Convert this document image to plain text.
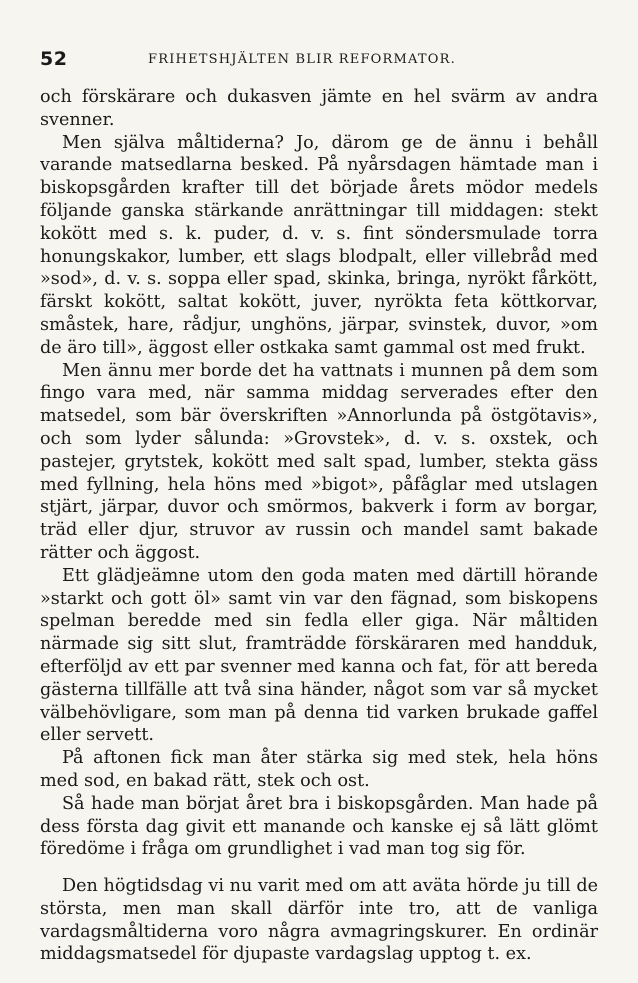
52	FRIHETSHJÄLTEN BLIR REFORMATOR.

och förskärare och dukasven jämte en hel svärm av andra svenner.

Men själva måltiderna? Jo, därom ge de ännu i behåll varande matsedlarna besked. På nyårsdagen hämtade man i biskopsgården krafter till det började årets mödor medels följande ganska stärkande anrättningar till middagen: stekt kokött med s. k. puder, d. v. s. fint söndersmulade torra honungskakor, lumber, ett slags blodpalt, eller villebråd med »sod», d. v. s. soppa eller spad, skinka, bringa, nyrökt fårkött, färskt kokött, saltat kokött, juver, nyrökta feta köttkorvar, småstek, hare, rådjur, unghöns, järpar, svinstek, duvor, »om de äro till», äggost eller ostkaka samt gammal ost med frukt.

Men ännu mer borde det ha vattnats i munnen på dem som fingo vara med, när samma middag serverades efter den matsedel, som bär överskriften »Annorlunda på östgötavis», och som lyder sålunda: »Grovstek», d. v. s. oxstek, och pastejer, grytstek, kokött med salt spad, lumber, stekta gäss med fyllning, hela höns med »bigot», påfåglar med utslagen stjärt, järpar, duvor och smörmos, bakverk i form av borgar, träd eller djur, struvor av russin och mandel samt bakade rätter och äggost.

Ett glädjeämne utom den goda maten med därtill hörande »starkt och gott öl» samt vin var den fägnad, som biskopens spelman beredde med sin fedla eller giga. När måltiden närmade sig sitt slut, framträdde förskäraren med handduk, efterföljd av ett par svenner med kanna och fat, för att bereda gästerna tillfälle att två sina händer, något som var så mycket välbehövligare, som man på denna tid varken brukade gaffel eller servett.

På aftonen fick man åter stärka sig med stek, hela höns med sod, en bakad rätt, stek och ost.

Så hade man börjat året bra i biskopsgården. Man hade på dess första dag givit ett manande och kanske ej så lätt glömt föredöme i fråga om grundlighet i vad man tog sig för.

Den högtidsdag vi nu varit med om att aväta hörde ju till de största, men man skall därför inte tro, att de vanliga vardagsmåltiderna voro några avmagringskurer. En ordinär middagsmatsedel för djupaste vardagslag upptog t. ex.
